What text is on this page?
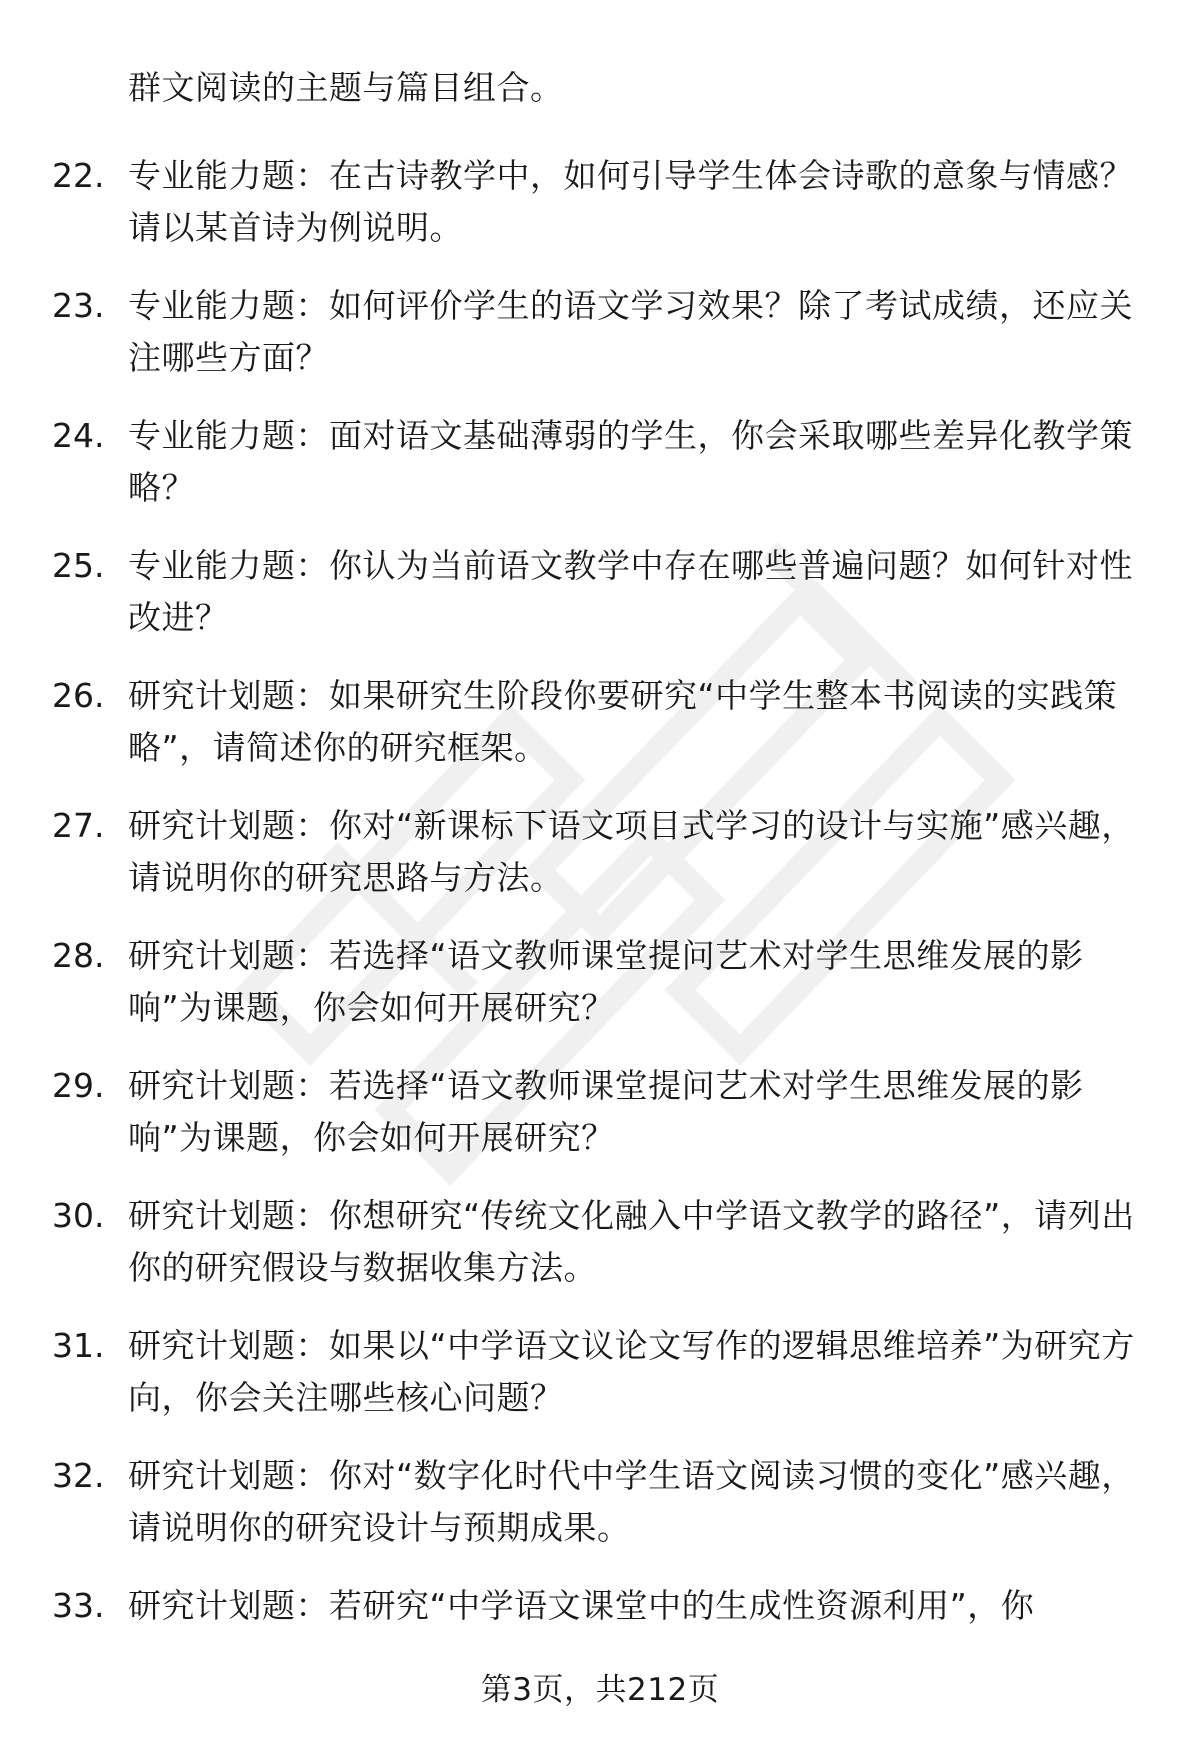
群文阅读的主题与篇目组合。
22. 专业能力题：在古诗教学中，如何引导学生体会诗歌的意象与情感？请以某首诗为例说明。
23. 专业能力题：如何评价学生的语文学习效果？除了考试成绩，还应关注哪些方面？
24. 专业能力题：面对语文基础薄弱的学生，你会采取哪些差异化教学策略？
25. 专业能力题：你认为当前语文教学中存在哪些普遍问题？如何针对性改进？
26. 研究计划题：如果研究生阶段你要研究“中学生整本书阅读的实践策略”，请简述你的研究框架。
27. 研究计划题：你对“新课标下语文项目式学习的设计与实施”感兴趣，请说明你的研究思路与方法。
28. 研究计划题：若选择“语文教师课堂提问艺术对学生思维发展的影响”为课题，你会如何开展研究？
29. 研究计划题：若选择“语文教师课堂提问艺术对学生思维发展的影响”为课题，你会如何开展研究？
30. 研究计划题：你想研究“传统文化融入中学语文教学的路径”，请列出你的研究假设与数据收集方法。
31. 研究计划题：如果以“中学语文议论文写作的逻辑思维培养”为研究方向，你会关注哪些核心问题？
32. 研究计划题：你对“数字化时代中学生语文阅读习惯的变化”感兴趣，请说明你的研究设计与预期成果。
33. 研究计划题：若研究“中学语文课堂中的生成性资源利用”，你
第3页，共212页
